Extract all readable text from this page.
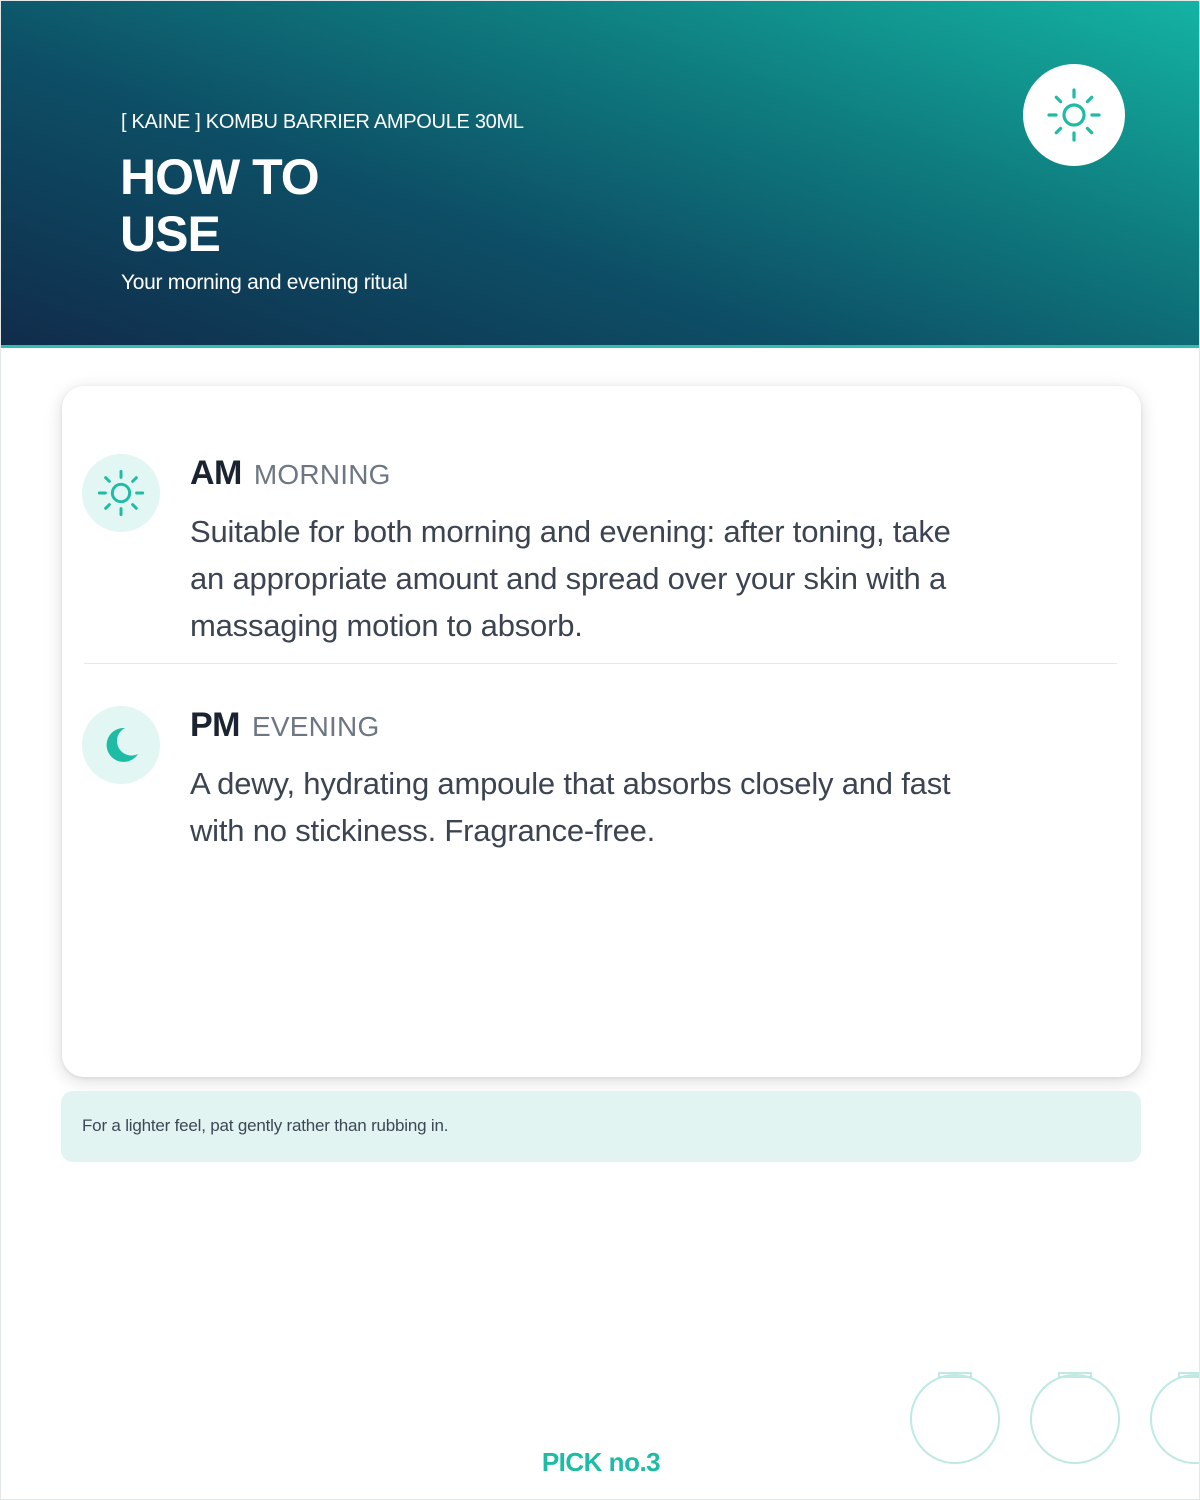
[ KAINE ] KOMBU BARRIER AMPOULE 30ML
HOW TO
USE
Your morning and evening ritual
AM MORNING
Suitable for both morning and evening: after toning, take
an appropriate amount and spread over your skin with a
massaging motion to absorb.
PM EVENING
A dewy, hydrating ampoule that absorbs closely and fast
with no stickiness. Fragrance-free.
For a lighter feel, pat gently rather than rubbing in.
PICK no.3
